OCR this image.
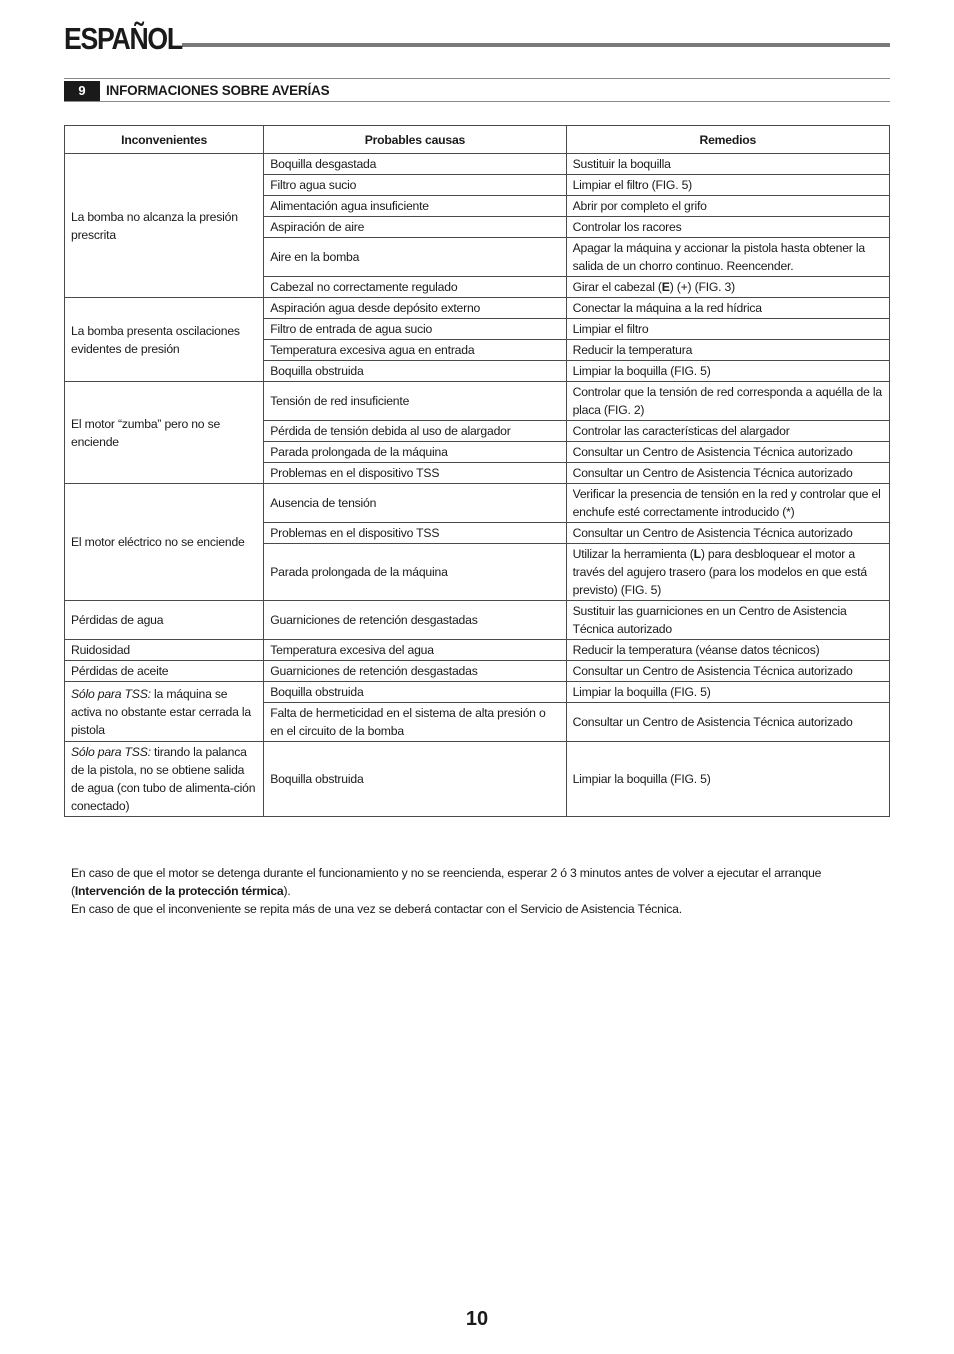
ESPAÑOL
9	INFORMACIONES SOBRE AVERÍAS
Inconvenientes	Probables causas	Remedios
La bomba no alcanza la presión prescrita	Boquilla desgastada	Sustituir la boquilla
	Filtro agua sucio	Limpiar el filtro (FIG. 5)
	Alimentación agua insuficiente	Abrir por completo el grifo
	Aspiración de aire	Controlar los racores
	Aire en la bomba	Apagar la máquina y accionar la pistola hasta obtener la salida de un chorro continuo. Reencender.
	Cabezal no correctamente regulado	Girar el cabezal (E) (+) (FIG. 3)
La bomba presenta oscilaciones evidentes de presión	Aspiración agua desde depósito externo	Conectar la máquina a la red hídrica
	Filtro de entrada de agua sucio	Limpiar el filtro
	Temperatura excesiva agua en entrada	Reducir la temperatura
	Boquilla obstruida	Limpiar la boquilla (FIG. 5)
El motor “zumba” pero no se enciende	Tensión de red insuficiente	Controlar que la tensión de red corresponda a aquélla de la placa (FIG. 2)
	Pérdida de tensión debida al uso de alargador	Controlar las características del alargador
	Parada prolongada de la máquina	Consultar un Centro de Asistencia Técnica autorizado
	Problemas en el dispositivo TSS	Consultar un Centro de Asistencia Técnica autorizado
El motor eléctrico no se enciende	Ausencia de tensión	Verificar la presencia de tensión en la red y controlar que el enchufe esté correctamente introducido (*)
	Problemas en el dispositivo TSS	Consultar un Centro de Asistencia Técnica autorizado
	Parada prolongada de la máquina	Utilizar la herramienta (L) para desbloquear el motor a través del agujero trasero (para los modelos en que está previsto) (FIG. 5)
Pérdidas de agua	Guarniciones de retención desgastadas	Sustituir las guarniciones en un Centro de Asistencia Técnica autorizado
Ruidosidad	Temperatura excesiva del agua	Reducir la temperatura (véanse datos técnicos)
Pérdidas de aceite	Guarniciones de retención desgastadas	Consultar un Centro de Asistencia Técnica autorizado
Sólo para TSS: la máquina se activa no obstante estar cerrada la pistola	Boquilla obstruida	Limpiar la boquilla (FIG. 5)
	Falta de hermeticidad en el sistema de alta presión o en el circuito de la bomba	Consultar un Centro de Asistencia Técnica autorizado
Sólo para TSS: tirando la palanca de la pistola, no se obtiene salida de agua (con tubo de alimenta-ción conectado)	Boquilla obstruida	Limpiar la boquilla (FIG. 5)

En caso de que el motor se detenga durante el funcionamiento y no se reencienda, esperar 2 ó 3 minutos antes de volver a ejecutar el arranque (Intervención de la protección térmica).

En caso de que el inconveniente se repita más de una vez se deberá contactar con el Servicio de Asistencia Técnica.

10
